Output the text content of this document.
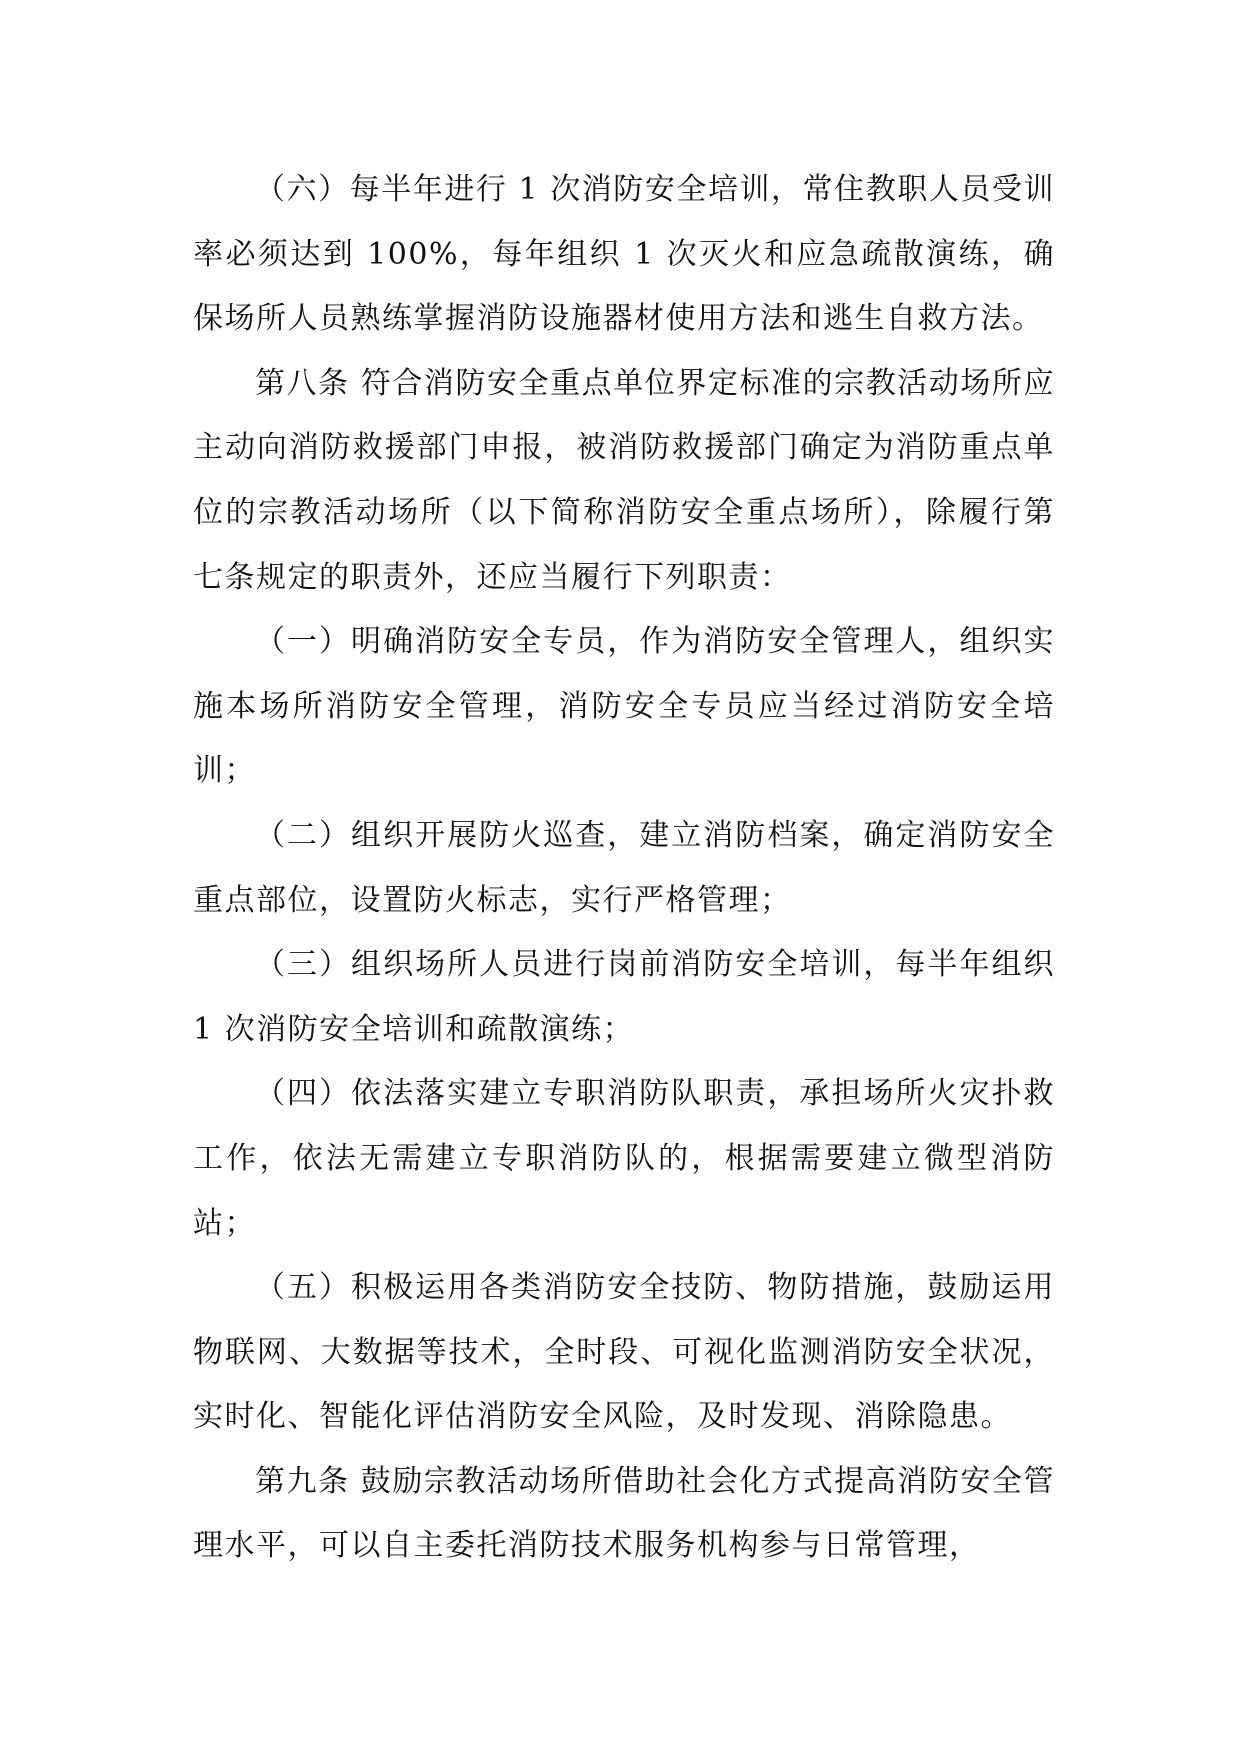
（六）每半年进行 1 次消防安全培训，常住教职人员受训率必须达到 100%，每年组织 1 次灭火和应急疏散演练，确保场所人员熟练掌握消防设施器材使用方法和逃生自救方法。

第八条 符合消防安全重点单位界定标准的宗教活动场所应主动向消防救援部门申报，被消防救援部门确定为消防重点单位的宗教活动场所（以下简称消防安全重点场所），除履行第七条规定的职责外，还应当履行下列职责：

（一）明确消防安全专员，作为消防安全管理人，组织实施本场所消防安全管理，消防安全专员应当经过消防安全培训；

（二）组织开展防火巡查，建立消防档案，确定消防安全重点部位，设置防火标志，实行严格管理；

（三）组织场所人员进行岗前消防安全培训，每半年组织 1 次消防安全培训和疏散演练；

（四）依法落实建立专职消防队职责，承担场所火灾扑救工作，依法无需建立专职消防队的，根据需要建立微型消防站；

（五）积极运用各类消防安全技防、物防措施，鼓励运用物联网、大数据等技术，全时段、可视化监测消防安全状况，实时化、智能化评估消防安全风险，及时发现、消除隐患。

第九条 鼓励宗教活动场所借助社会化方式提高消防安全管理水平，可以自主委托消防技术服务机构参与日常管理，
